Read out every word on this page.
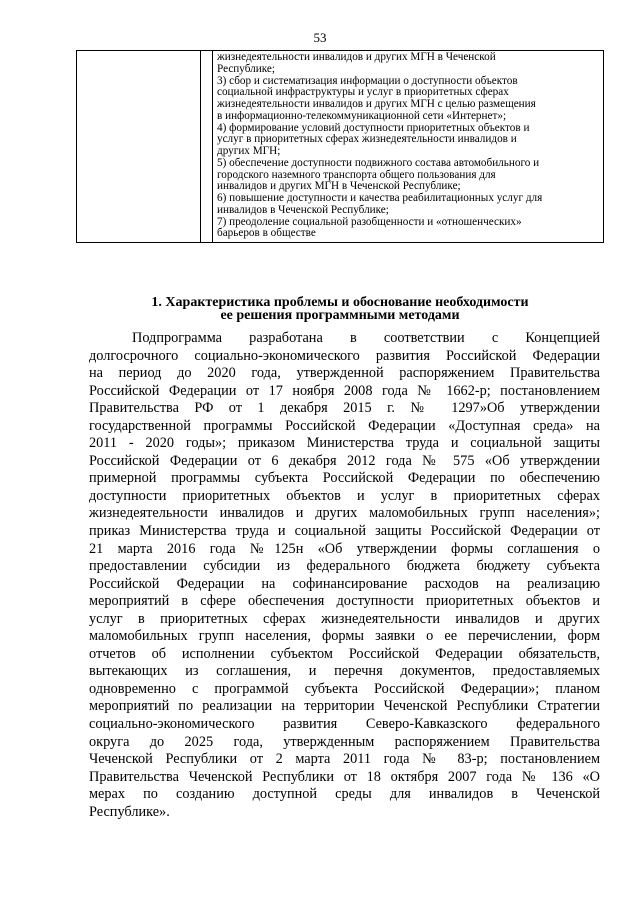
53

жизнедеятельности инвалидов и других МГН в Чеченской
Республике;
3) сбор и систематизация информации о доступности объектов
социальной инфраструктуры и услуг в приоритетных сферах
жизнедеятельности инвалидов и других МГН с целью размещения
в информационно-телекоммуникационной сети «Интернет»;
4) формирование условий доступности приоритетных объектов и
услуг в приоритетных сферах жизнедеятельности инвалидов и
других МГН;
5) обеспечение доступности подвижного состава автомобильного и
городского наземного транспорта общего пользования для
инвалидов и других МГН в Чеченской Республике;
6) повышение доступности и качества реабилитационных услуг для
инвалидов в Чеченской Республике;
7) преодоление социальной разобщенности и «отношенческих»
барьеров в обществе
1. Характеристика проблемы и обоснование необходимости
ее решения программными методами
Подпрограмма разработана в соответствии с Концепцией
долгосрочного социально-экономического развития Российской Федерации
на период до 2020 года, утвержденной распоряжением Правительства
Российской Федерации от 17 ноября 2008 года № 1662-р; постановлением
Правительства РФ от 1 декабря 2015 г. № 1297»Об утверждении
государственной программы Российской Федерации «Доступная среда» на
2011 - 2020 годы»; приказом Министерства труда и социальной защиты
Российской Федерации от 6 декабря 2012 года № 575 «Об утверждении
примерной программы субъекта Российской Федерации по обеспечению
доступности приоритетных объектов и услуг в приоритетных сферах
жизнедеятельности инвалидов и других маломобильных групп населения»;
приказ Министерства труда и социальной защиты Российской Федерации от
21 марта 2016 года №125н «Об утверждении формы соглашения о
предоставлении субсидии из федерального бюджета бюджету субъекта
Российской Федерации на софинансирование расходов на реализацию
мероприятий в сфере обеспечения доступности приоритетных объектов и
услуг в приоритетных сферах жизнедеятельности инвалидов и других
маломобильных групп населения, формы заявки о ее перечислении, форм
отчетов об исполнении субъектом Российской Федерации обязательств,
вытекающих из соглашения, и перечня документов, предоставляемых
одновременно с программой субъекта Российской Федерации»; планом
мероприятий по реализации на территории Чеченской Республики Стратегии
социально-экономического развития Северо-Кавказского федерального
округа до 2025 года, утвержденным распоряжением Правительства
Чеченской Республики от 2 марта 2011 года № 83-р; постановлением
Правительства Чеченской Республики от 18 октября 2007 года № 136 «О
мерах по созданию доступной среды для инвалидов в Чеченской
Республике».
